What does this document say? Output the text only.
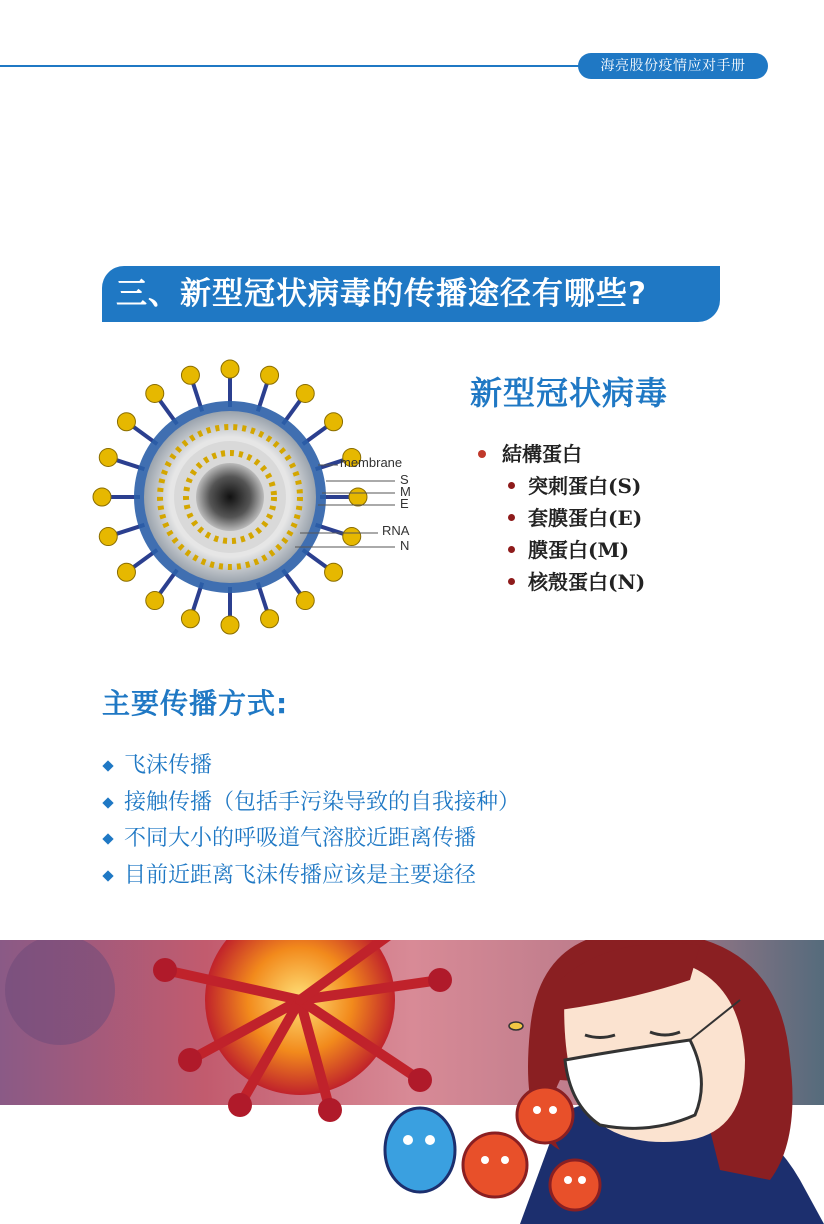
海亮股份疫情应对手册
三、新型冠状病毒的传播途径有哪些?
membrane
S
M
E
RNA
N
新型冠状病毒
結構蛋白
突刺蛋白(S)
套膜蛋白(E)
膜蛋白(M)
核殼蛋白(N)
主要传播方式:
飞沫传播
接触传播（包括手污染导致的自我接种）
不同大小的呼吸道气溶胶近距离传播
目前近距离飞沫传播应该是主要途径
